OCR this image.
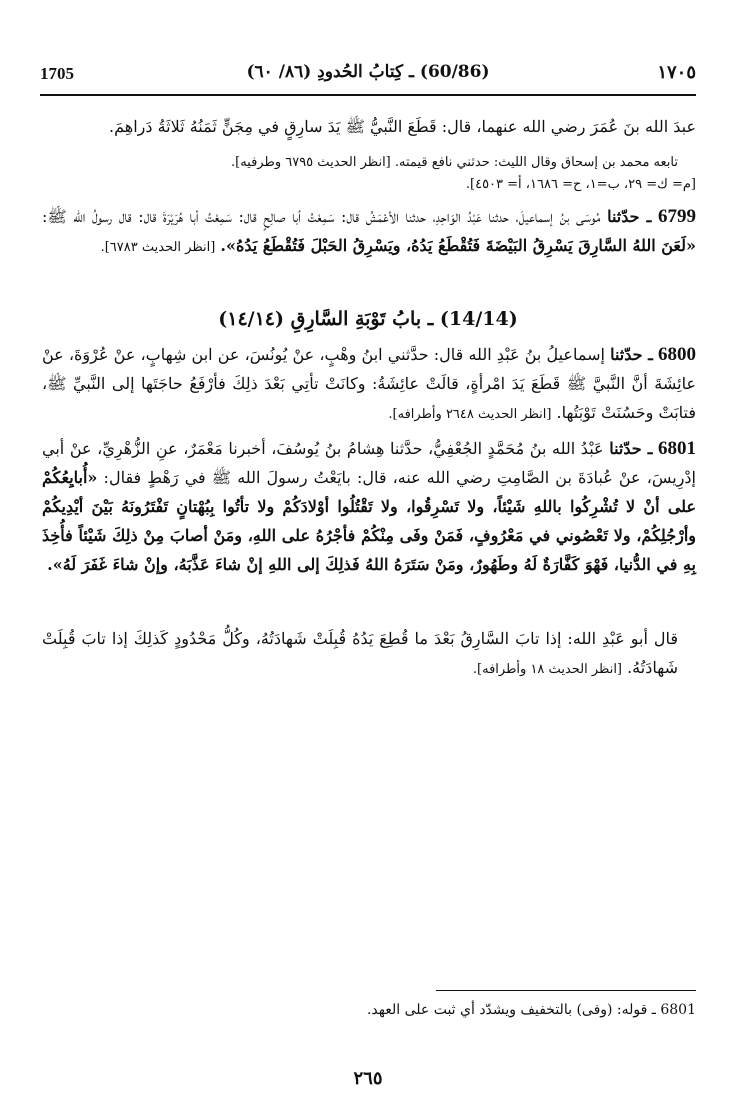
1705	(60/86) ـ كِتابُ الحُدودِ (٨٦/ ٦٠)	١٧٠٥
عبدَ الله بنَ عُمَرَ رضي الله عنهما، قال: قَطَعَ النَّبيُّ ﷺ يَدَ سارِقٍ في مِجَنٍّ ثَمَنُهُ ثَلاثَةُ دَراهِمَ.
تابعه محمد بن إسحاق وقال الليث: حدثني نافع قيمته. [انظر الحديث ٦٧٩٥ وطرفيه].
[م= ك= ٢٩، ب=١، ح= ١٦٨٦، أ= ٤٥٠٣].
6799 ـ حدّثنا مُوسَى بنُ إسماعيلَ، حدثنا عَبْدُ الوَاحِدِ، حدثنا الأعْمَشُ قال: سَمِعْتُ أبا صالِحٍ قال: سَمِعْتُ أبا هُرَيْرَةَ قال: قال رسولُ الله ﷺ: «لَعَنَ اللهُ السَّارِقَ يَسْرِقُ البَيْضَةَ فَتُقْطَعُ يَدُهُ، ويَسْرِقُ الحَبْلَ فَتُقْطَعُ يَدُهُ». [انظر الحديث ٦٧٨٣].
(14/14) ـ بابُ تَوْبَةِ السَّارِقِ (١٤/١٤)
6800 ـ حدّثنا إسماعيلُ بنُ عَبْدِ الله قال: حدَّثني ابنُ وهْبٍ، عنْ يُونُسَ، عن ابن شِهابٍ، عنْ عُرْوَةَ، عنْ عائِشَةَ أنَّ النَّبيَّ ﷺ قَطَعَ يَدَ امْرأةٍ، قالَتْ عائِشَةُ: وكانَتْ تأتِي بَعْدَ ذلِكَ فأرْفَعُ حاجَتَها إلى النَّبيِّ ﷺ، فتابَتْ وحَسُنَتْ تَوْبَتُها. [انظر الحديث ٢٦٤٨ وأطرافه].
6801 ـ حدّثنا عَبْدُ الله بنُ مُحَمَّدٍ الجُعْفِيُّ، حدَّثنا هِشامُ بنُ يُوسُفَ، أخبرنا مَعْمَرٌ، عنِ الزُّهْرِيِّ، عنْ أبي إدْرِيسَ، عنْ عُبادَةَ بن الصَّامِتِ رضي الله عنه، قال: بايَعْتُ رسولَ الله ﷺ في رَهْطٍ فقال: «أُبايِعُكُمْ على أنْ لا تُشْرِكُوا باللهِ شَيْئاً، ولا تَسْرِقُوا، ولا تَقْتُلُوا أوْلادَكُمْ ولا تأتُوا بِبُهْتانٍ تَفْتَرُونَهُ بَيْنَ أيْدِيكُمْ وأرْجُلِكُمْ، ولا تَعْصُوني في مَعْرُوفٍ، فَمَنْ وفَى مِنْكُمْ فأجْرُهُ على اللهِ، ومَنْ أصابَ مِنْ ذلِكَ شَيْئاً فأُخِذَ بِهِ في الدُّنيا، فَهْوَ كَفَّارَةٌ لَهُ وطَهُورٌ، ومَنْ سَتَرَهُ اللهُ فَذلِكَ إلى اللهِ إنْ شاءَ عَذَّبَهُ، وإنْ شاءَ غَفَرَ لَهُ».
قال أبو عَبْدِ الله: إذا تابَ السَّارِقُ بَعْدَ ما قُطِعَ يَدُهُ قُبِلَتْ شَهادَتُهُ، وكُلُّ مَحْدُودٍ كَذلِكَ إذا تابَ قُبِلَتْ شَهادَتُهُ. [انظر الحديث ١٨ وأطرافه].
6801 ـ قوله: (وفى) بالتخفيف ويشدّد أي ثبت على العهد.
٢٦٥
